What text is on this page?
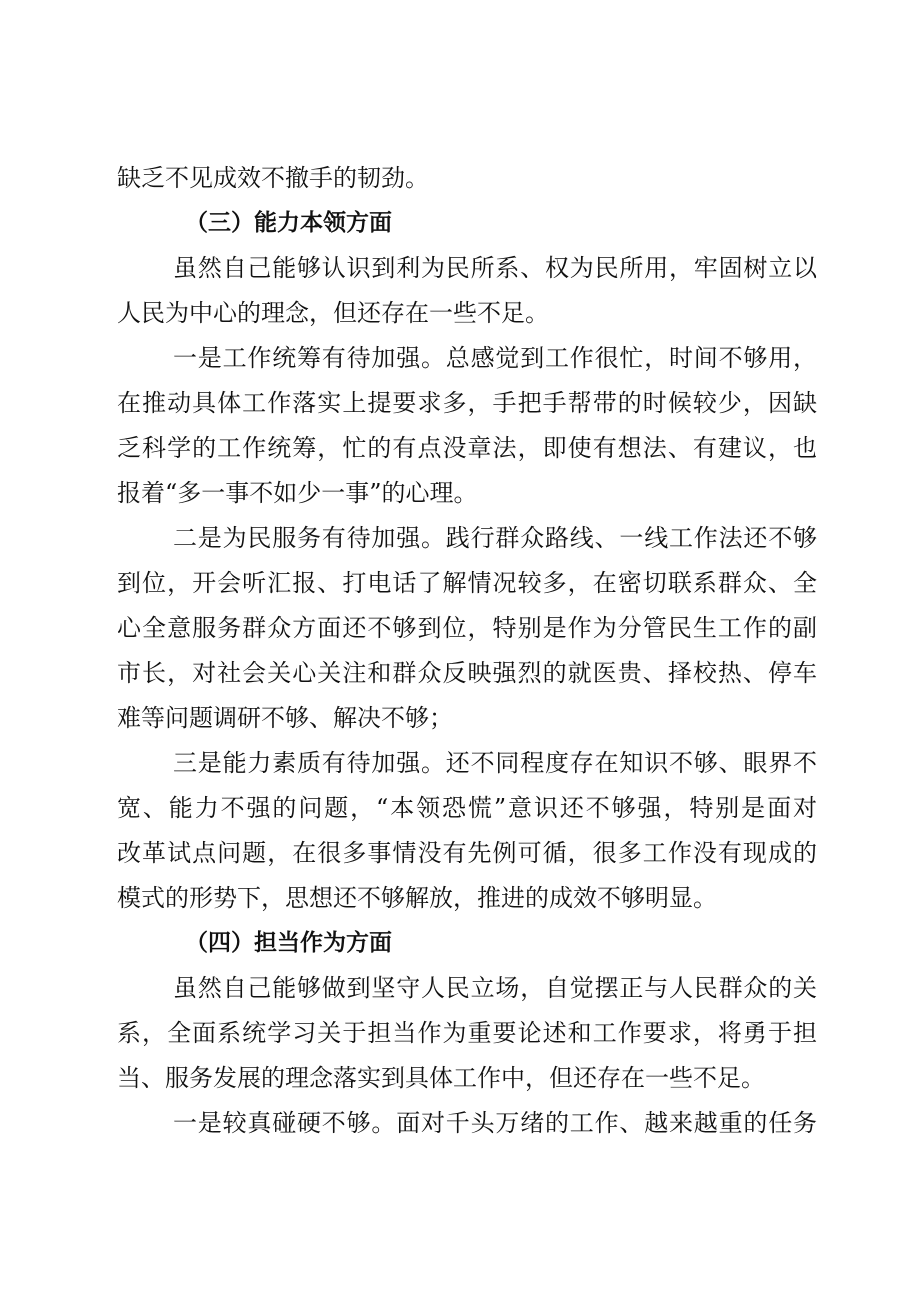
缺乏不见成效不撤手的韧劲。
（三）能力本领方面
虽然自己能够认识到利为民所系、权为民所用，牢固树立以
人民为中心的理念，但还存在一些不足。
一是工作统筹有待加强。总感觉到工作很忙，时间不够用，
在推动具体工作落实上提要求多，手把手帮带的时候较少，因缺
乏科学的工作统筹，忙的有点没章法，即使有想法、有建议，也
报着“多一事不如少一事”的心理。
二是为民服务有待加强。践行群众路线、一线工作法还不够
到位，开会听汇报、打电话了解情况较多，在密切联系群众、全
心全意服务群众方面还不够到位，特别是作为分管民生工作的副
市长，对社会关心关注和群众反映强烈的就医贵、择校热、停车
难等问题调研不够、解决不够；
三是能力素质有待加强。还不同程度存在知识不够、眼界不
宽、能力不强的问题，“本领恐慌”意识还不够强，特别是面对
改革试点问题，在很多事情没有先例可循，很多工作没有现成的
模式的形势下，思想还不够解放，推进的成效不够明显。
（四）担当作为方面
虽然自己能够做到坚守人民立场，自觉摆正与人民群众的关
系，全面系统学习关于担当作为重要论述和工作要求，将勇于担
当、服务发展的理念落实到具体工作中，但还存在一些不足。
一是较真碰硬不够。面对千头万绪的工作、越来越重的任务
